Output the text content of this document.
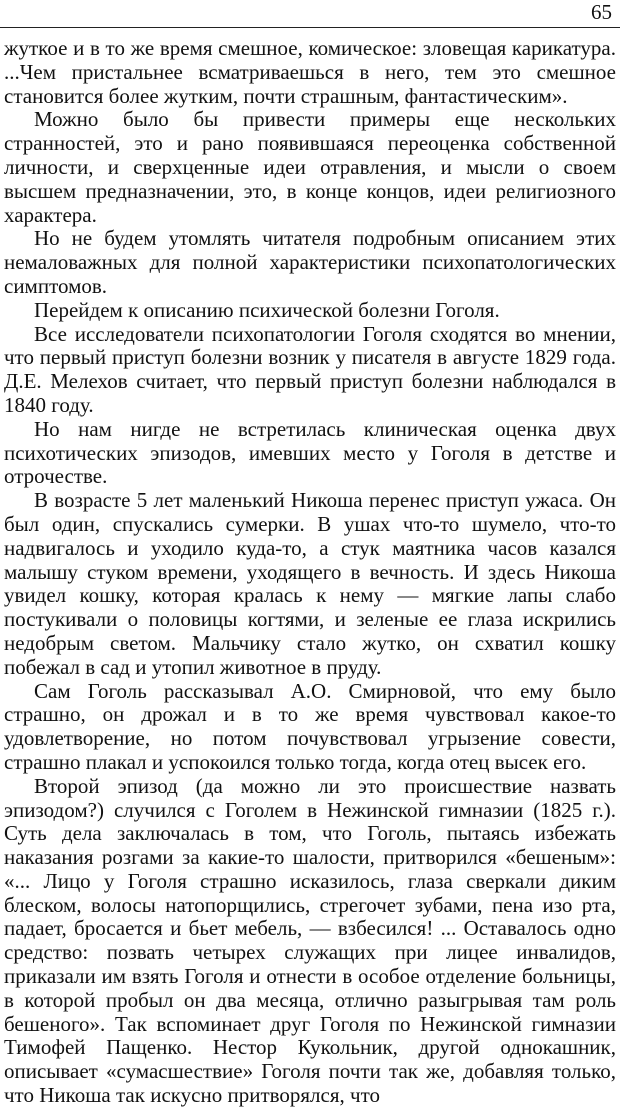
65

жуткое и в то же время смешное, комическое: зловещая карикатура. ...Чем пристальнее всматриваешься в него, тем это смешное становится более жутким, почти страшным, фантастическим».

Можно было бы привести примеры еще нескольких странностей, это и рано появившаяся переоценка собственной личности, и сверхценные идеи отравления, и мысли о своем высшем предназначении, это, в конце концов, идеи религиозного характера.

Но не будем утомлять читателя подробным описанием этих немаловажных для полной характеристики психопатологических симптомов.

Перейдем к описанию психической болезни Гоголя.

Все исследователи психопатологии Гоголя сходятся во мнении, что первый приступ болезни возник у писателя в августе 1829 года. Д.Е. Мелехов считает, что первый приступ болезни наблюдался в 1840 году.

Но нам нигде не встретилась клиническая оценка двух психотических эпизодов, имевших место у Гоголя в детстве и отрочестве.

В возрасте 5 лет маленький Никоша перенес приступ ужаса. Он был один, спускались сумерки. В ушах что-то шумело, что-то надвигалось и уходило куда-то, а стук маятника часов казался малышу стуком времени, уходящего в вечность. И здесь Никоша увидел кошку, которая кралась к нему — мягкие лапы слабо постукивали о половицы когтями, и зеленые ее глаза искрились недобрым светом. Мальчику стало жутко, он схватил кошку побежал в сад и утопил животное в пруду.

Сам Гоголь рассказывал А.О. Смирновой, что ему было страшно, он дрожал и в то же время чувствовал какое-то удовлетворение, но потом почувствовал угрызение совести, страшно плакал и успокоился только тогда, когда отец высек его.

Второй эпизод (да можно ли это происшествие назвать эпизодом?) случился с Гоголем в Нежинской гимназии (1825 г.). Суть дела заключалась в том, что Гоголь, пытаясь избежать наказания розгами за какие-то шалости, притворился «бешеным»: «... Лицо у Гоголя страшно исказилось, глаза сверкали диким блеском, волосы натопорщились, стрегочет зубами, пена изо рта, падает, бросается и бьет мебель, — взбесился! ... Оставалось одно средство: позвать четырех служащих при лицее инвалидов, приказали им взять Гоголя и отнести в особое отделение больницы, в которой пробыл он два месяца, отлично разыгрывая там роль бешеного». Так вспоминает друг Гоголя по Нежинской гимназии Тимофей Пащенко. Нестор Кукольник, другой однокашник, описывает «сумасшествие» Гоголя почти так же, добавляя только, что Никоша так искусно притворялся, что
